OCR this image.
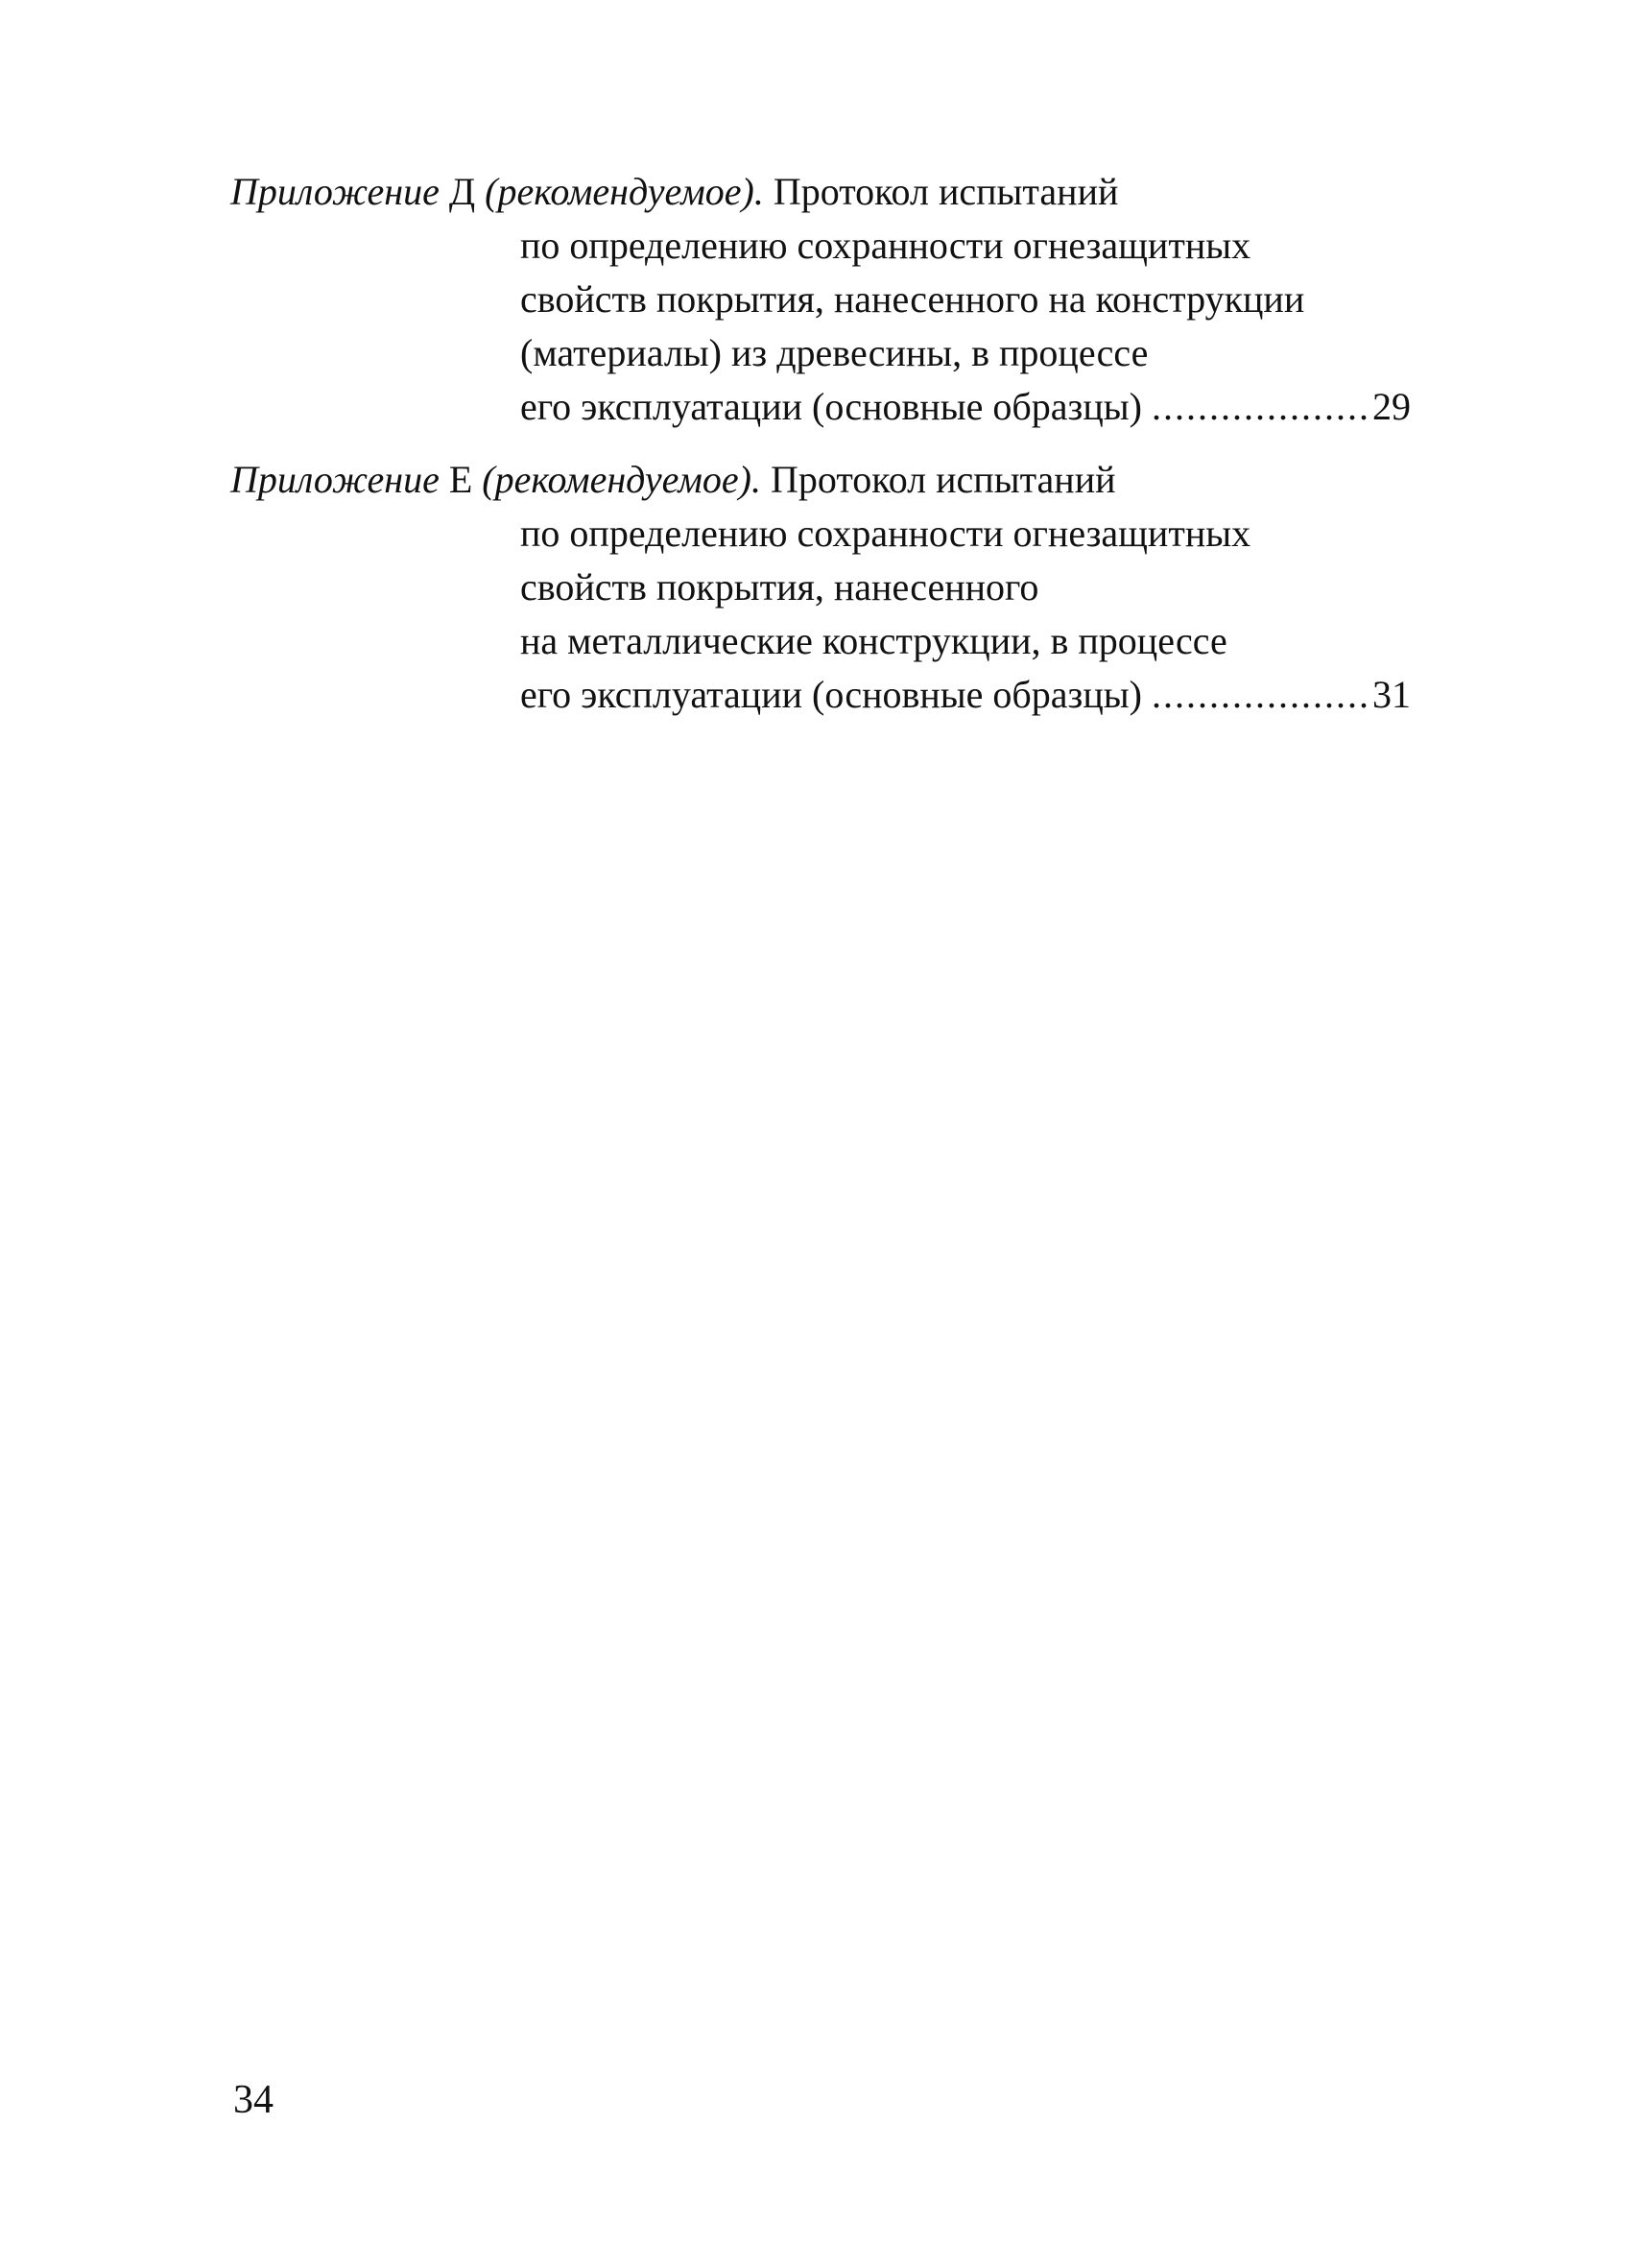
Приложение Д (рекомендуемое). Протокол испытаний
по определению сохранности огнезащитных
свойств покрытия, нанесенного на конструкции
(материалы) из древесины, в процессе
его эксплуатации (основные образцы) .....	29
Приложение Е (рекомендуемое). Протокол испытаний
по определению сохранности огнезащитных
свойств покрытия, нанесенного
на металлические конструкции, в процессе
его эксплуатации (основные образцы) .....	31
34
